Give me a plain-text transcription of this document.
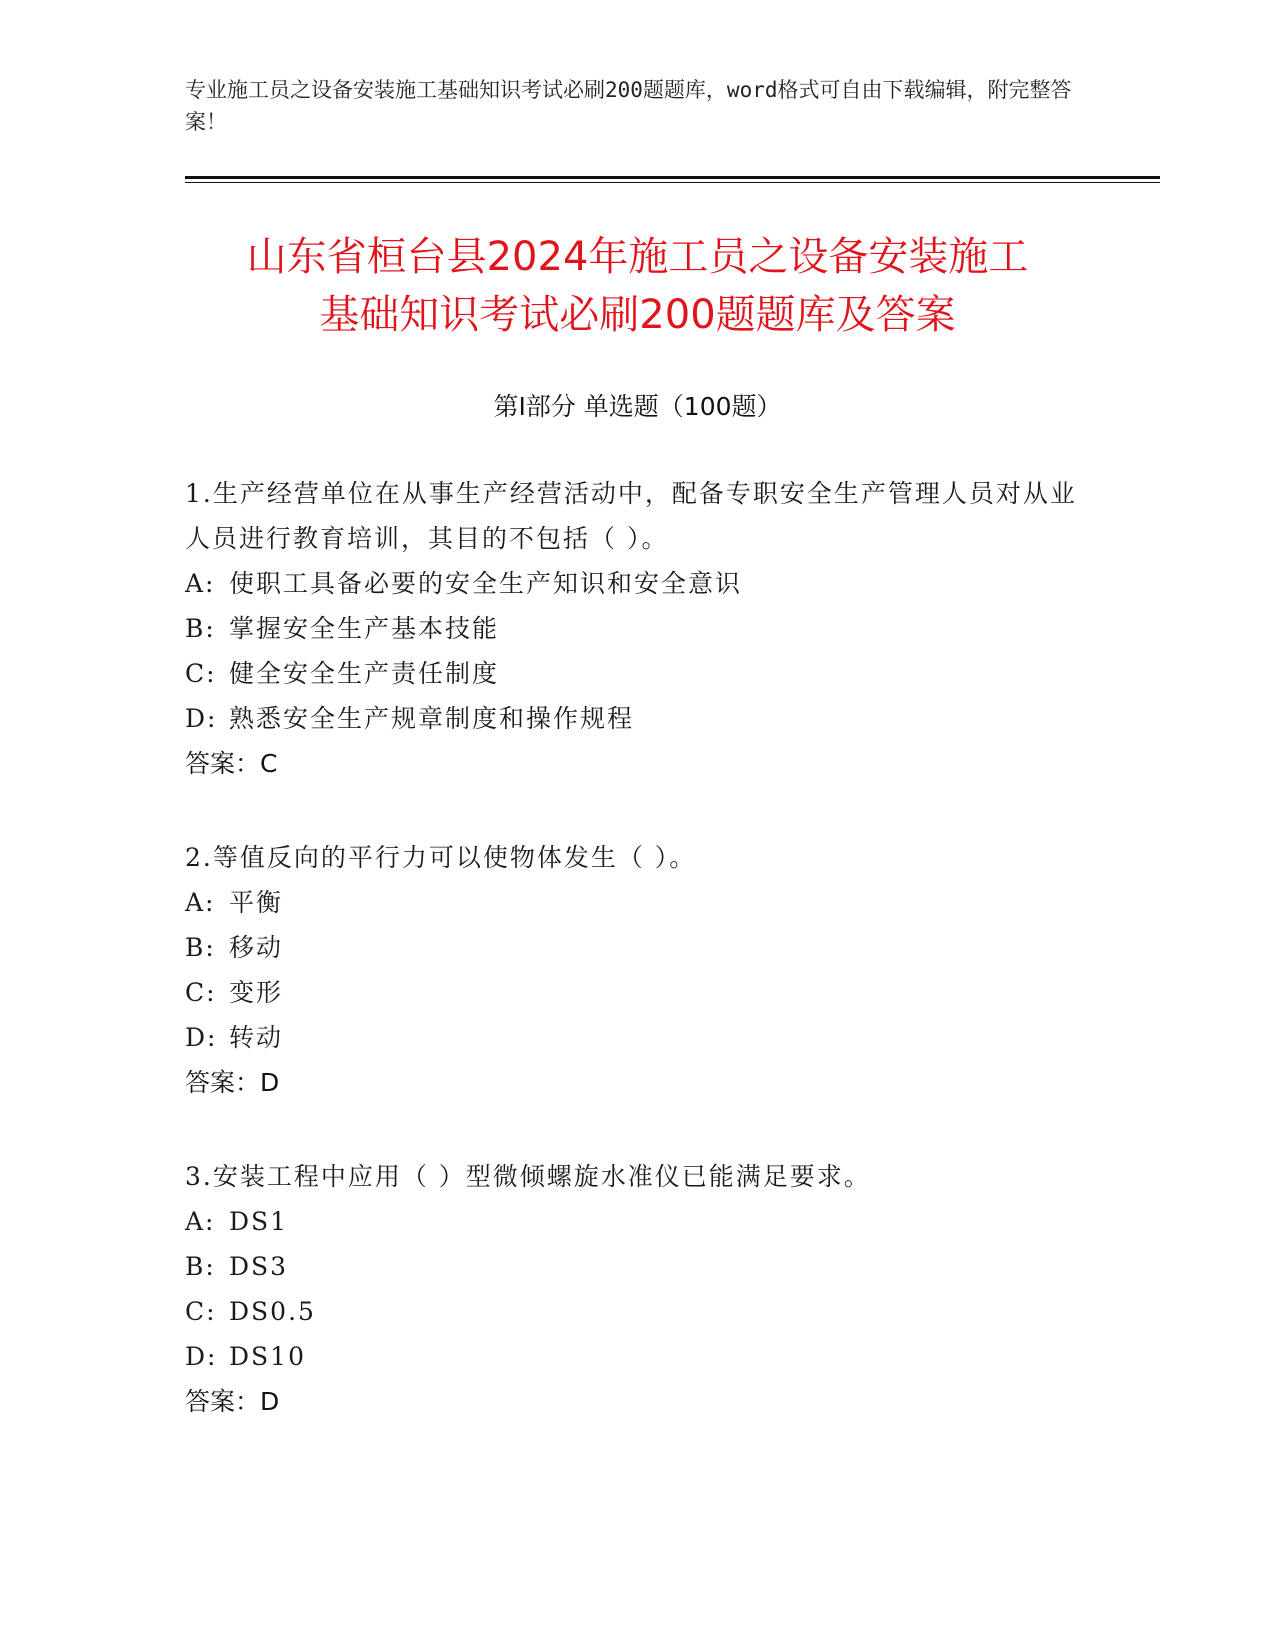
专业施工员之设备安装施工基础知识考试必刷200题题库，word格式可自由下载编辑，附完整答案！
山东省桓台县2024年施工员之设备安装施工
基础知识考试必刷200题题库及答案
第I部分 单选题（100题）
1.生产经营单位在从事生产经营活动中，配备专职安全生产管理人员对从业人员进行教育培训，其目的不包括（ ）。
A: 使职工具备必要的安全生产知识和安全意识
B: 掌握安全生产基本技能
C: 健全安全生产责任制度
D: 熟悉安全生产规章制度和操作规程
答案：C
2.等值反向的平行力可以使物体发生（ ）。
A: 平衡
B: 移动
C: 变形
D: 转动
答案：D
3.安装工程中应用（ ）型微倾螺旋水准仪已能满足要求。
A: DS1
B: DS3
C: DS0.5
D: DS10
答案：D
